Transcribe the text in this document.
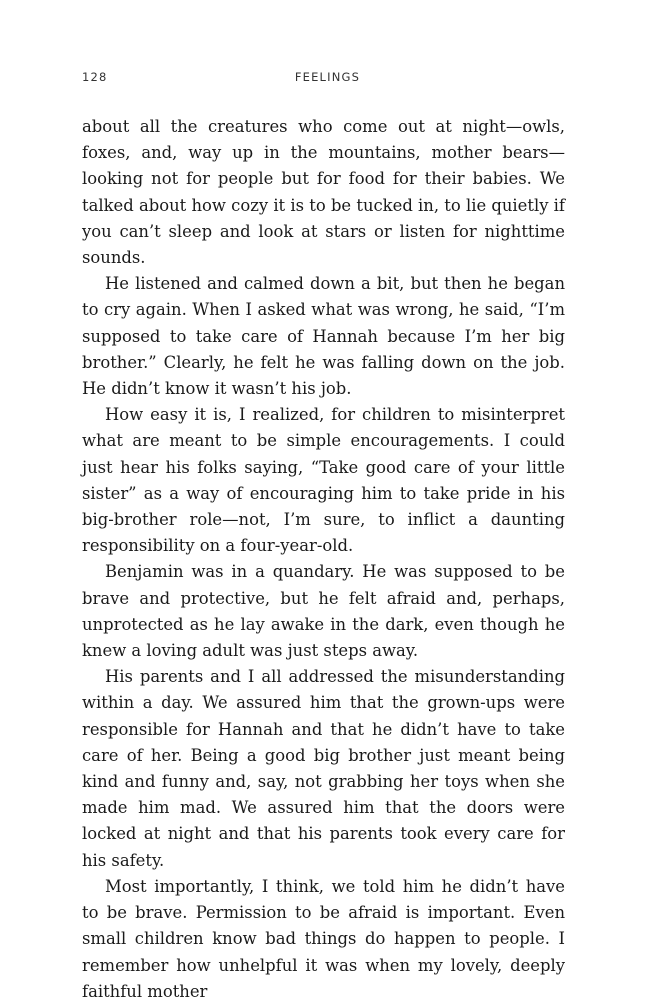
128	FEELINGS

about all the creatures who come out at night—owls, foxes, and, way up in the mountains, mother bears—looking not for people but for food for their babies. We talked about how cozy it is to be tucked in, to lie quietly if you can’t sleep and look at stars or listen for nighttime sounds.

He listened and calmed down a bit, but then he began to cry again. When I asked what was wrong, he said, “I’m supposed to take care of Hannah because I’m her big brother.” Clearly, he felt he was falling down on the job. He didn’t know it wasn’t his job.

How easy it is, I realized, for children to misinterpret what are meant to be simple encouragements. I could just hear his folks saying, “Take good care of your little sister” as a way of encouraging him to take pride in his big-brother role—not, I’m sure, to inflict a daunting responsibility on a four-year-old.

Benjamin was in a quandary. He was supposed to be brave and protective, but he felt afraid and, perhaps, unprotected as he lay awake in the dark, even though he knew a loving adult was just steps away.

His parents and I all addressed the misunderstanding within a day. We assured him that the grown-ups were responsible for Hannah and that he didn’t have to take care of her. Being a good big brother just meant being kind and funny and, say, not grabbing her toys when she made him mad. We assured him that the doors were locked at night and that his parents took every care for his safety.

Most importantly, I think, we told him he didn’t have to be brave. Permission to be afraid is important. Even small children know bad things do happen to people. I remember how unhelpful it was when my lovely, deeply faithful mother
